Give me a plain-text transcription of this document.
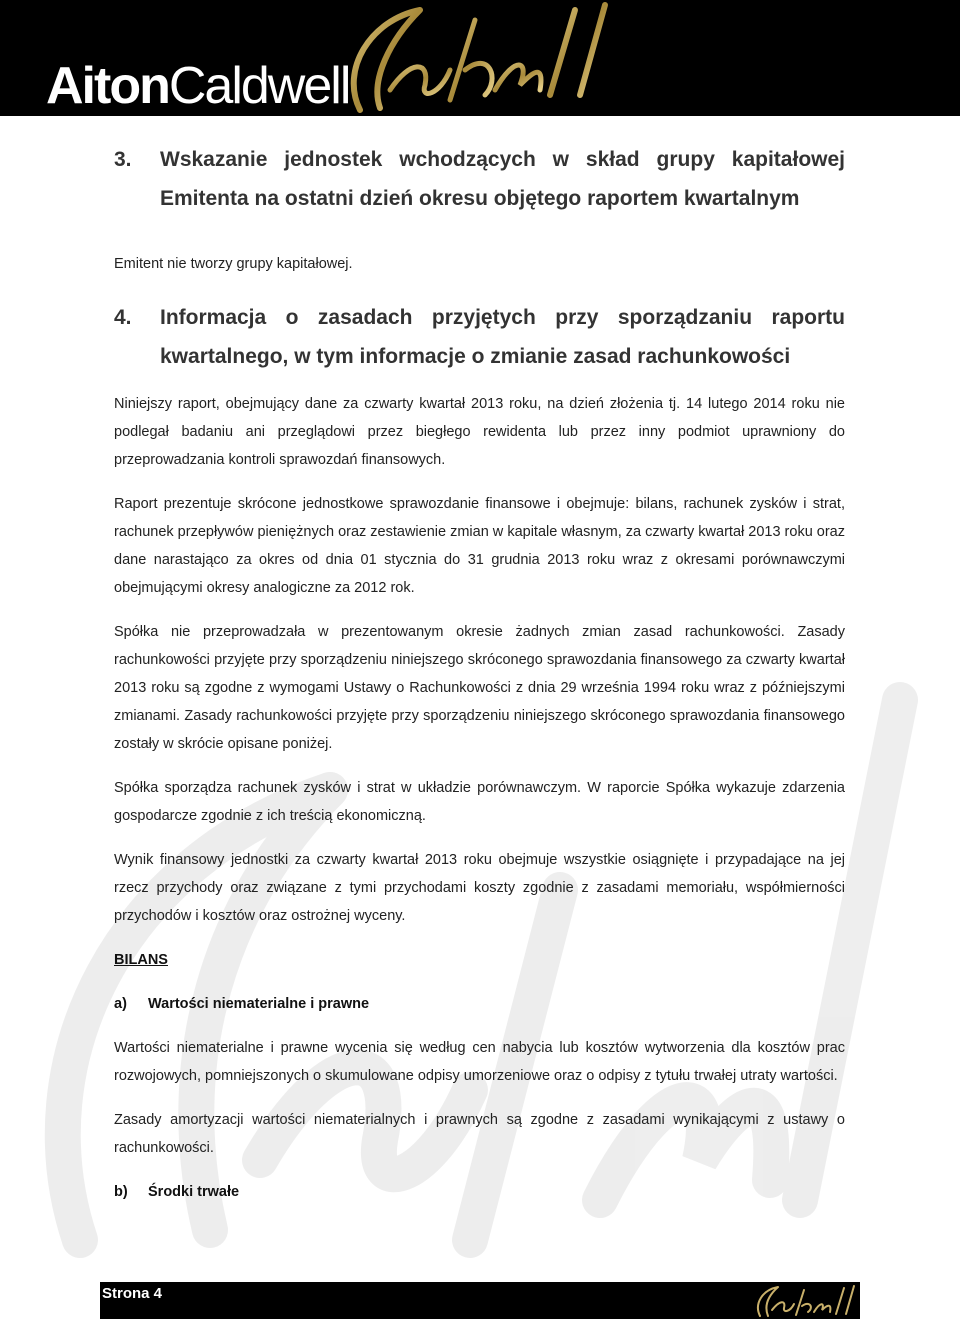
AitonCaldwell
3.	Wskazanie jednostek wchodzących w skład grupy kapitałowej Emitenta na ostatni dzień okresu objętego raportem kwartalnym

Emitent nie tworzy grupy kapitałowej.

4.	Informacja o zasadach przyjętych przy sporządzaniu raportu kwartalnego, w tym informacje o zmianie zasad rachunkowości

Niniejszy raport, obejmujący dane za czwarty kwartał 2013 roku, na dzień złożenia tj. 14 lutego 2014 roku nie podlegał badaniu ani przeglądowi przez biegłego rewidenta lub przez inny podmiot uprawniony do przeprowadzania kontroli sprawozdań finansowych.

Raport prezentuje skrócone jednostkowe sprawozdanie finansowe i obejmuje: bilans, rachunek zysków i strat, rachunek przepływów pieniężnych oraz zestawienie zmian w kapitale własnym, za czwarty kwartał 2013 roku oraz dane narastająco za okres od dnia 01 stycznia do 31 grudnia 2013 roku wraz z okresami porównawczymi obejmującymi okresy analogiczne za 2012 rok.

Spółka nie przeprowadzała w prezentowanym okresie żadnych zmian zasad rachunkowości. Zasady rachunkowości przyjęte przy sporządzeniu niniejszego skróconego sprawozdania finansowego za czwarty kwartał 2013 roku są zgodne z wymogami Ustawy o Rachunkowości z dnia 29 września 1994 roku wraz z późniejszymi zmianami. Zasady rachunkowości przyjęte przy sporządzeniu niniejszego skróconego sprawozdania finansowego zostały w skrócie opisane poniżej.

Spółka sporządza rachunek zysków i strat w układzie porównawczym. W raporcie Spółka wykazuje zdarzenia gospodarcze zgodnie z ich treścią ekonomiczną.

Wynik finansowy jednostki za czwarty kwartał 2013 roku obejmuje wszystkie osiągnięte i przypadające na jej rzecz przychody oraz związane z tymi przychodami koszty zgodnie z zasadami memoriału, współmierności przychodów i kosztów oraz ostrożnej wyceny.

BILANS
a) Wartości niematerialne i prawne

Wartości niematerialne i prawne wycenia się według cen nabycia lub kosztów wytworzenia dla kosztów prac rozwojowych, pomniejszonych o skumulowane odpisy umorzeniowe oraz o odpisy z tytułu trwałej utraty wartości.

Zasady amortyzacji wartości niematerialnych i prawnych są zgodne z zasadami wynikającymi z ustawy o rachunkowości.

b) Środki trwałe
Strona 4
